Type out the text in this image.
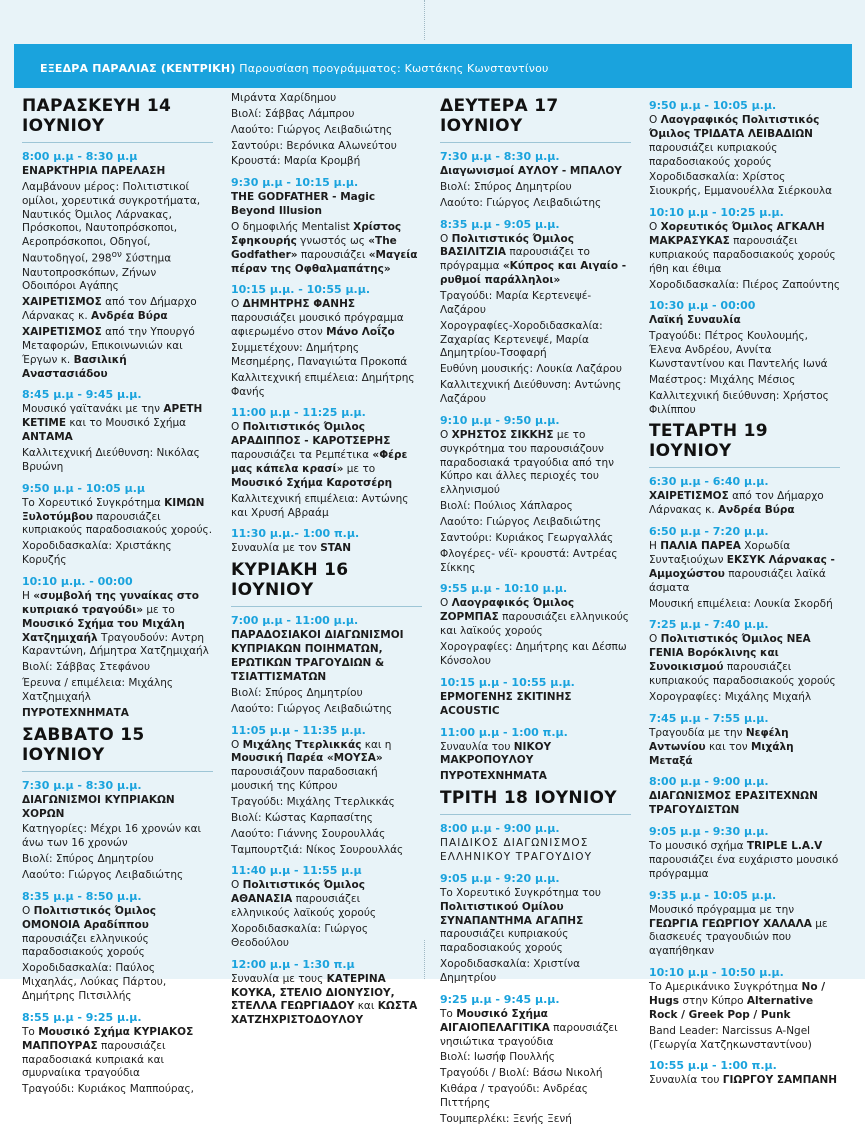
ΕΞΕΔΡΑ ΠΑΡΑΛΙΑΣ (ΚΕΝΤΡΙΚΗ) Παρουσίαση προγράμματος: Κωστάκης Κωνσταντίνου
ΠΑΡΑΣΚΕΥΗ 14 ΙΟΥΝΙΟΥ
8:00 μ.μ - 8:30 μ.μ
ΕΝΑΡΚΤΗΡΙΑ ΠΑΡΕΛΑΣΗ
Λαμβάνουν μέρος: Πολιτιστικοί ομίλοι, χορευτικά συγκροτήματα, Ναυτικός Όμιλος Λάρνακας, Πρόσκοποι, Ναυτοπρόσκοποι, Αεροπρόσκοποι, Οδηγοί, Ναυτοδηγοί, $298^{o\nu}$ Σύστημα Ναυτοπροσκόπων, Ζήνων Οδοιπόροι Αγάπης
ΧΑΙΡΕΤΙΣΜΟΣ από τον Δήμαρχο Λάρνακας κ. Ανδρέα Βύρα
ΧΑΙΡΕΤΙΣΜΟΣ από την Υπουργό Μεταφορών, Επικοινωνιών και Έργων κ. Βασιλική Αναστασιάδου
8:45 μ.μ - 9:45 μ.μ.
Μουσικό γαϊτανάκι με την ΑΡΕΤΗ ΚΕΤΙΜΕ και το Μουσικό Σχήμα ΑΝΤΑΜΑ
Καλλιτεχνική Διεύθυνση: Νικόλας Βρυώνη
9:50 μ.μ - 10:05 μ.μ
Το Χορευτικό Συγκρότημα ΚΙΜΩΝ Ξυλοτύμβου παρουσιάζει κυπριακούς παραδοσιακούς χορούς.
Χοροδιδασκαλία: Χριστάκης Κορυζής
10:10 μ.μ. - 00:00
Η «συμβολή της γυναίκας στο κυπριακό τραγούδι» με το Μουσικό Σχήμα του Μιχάλη Χατζημιχαήλ Τραγουδούν: Αντρη Καραντώνη, Δήμητρα Χατζημιχαήλ
Βιολί: Σάββας Στεφάνου
Έρευνα / επιμέλεια: Μιχάλης Χατζημιχαήλ
ΠΥΡΟΤΕΧΝΗΜΑΤΑ
ΣΑΒΒΑΤΟ 15 ΙΟΥΝΙΟΥ
7:30 μ.μ - 8:30 μ.μ.
ΔΙΑΓΩΝΙΣΜΟΙ ΚΥΠΡΙΑΚΩΝ ΧΟΡΩΝ
Κατηγορίες: Μέχρι 16 χρονών και άνω των 16 χρονών
Βιολί: Σπύρος Δημητρίου
Λαούτο: Γιώργος Λειβαδιώτης
8:35 μ.μ - 8:50 μ.μ.
Ο Πολιτιστικός Όμιλος ΟΜΟΝΟΙΑ Αραδίππου παρουσιάζει ελληνικούς παραδοσιακούς χορούς
Χοροδιδασκαλία: Παύλος Μιχαηλάς, Λούκας Πάρτου, Δημήτρης Πιτσιλλής
8:55 μ.μ - 9:25 μ.μ.
Το Μουσικό Σχήμα ΚΥΡΙΑΚΟΣ ΜΑΠΠΟΥΡΑΣ παρουσιάζει παραδοσιακά κυπριακά και σμυρναίικα τραγούδια
Τραγούδι: Κυριάκος Μαππούρας,
Μιράντα Χαρίδημου
Βιολί: Σάββας Λάμπρου
Λαούτο: Γιώργος Λειβαδιώτης
Σαντούρι: Βερόνικα Αλωνεύτου
Κρουστά: Μαρία Κρομβή
9:30 μ.μ - 10:15 μ.μ.
THE GODFATHER - Magic Beyond Illusion
Ο δημοφιλής Mentalist Χρίστος Σφηκουρής γνωστός ως «The Godfather» παρουσιάζει «Μαγεία πέραν της Οφθαλμαπάτης»
10:15 μ.μ. - 10:55 μ.μ.
Ο ΔΗΜΗΤΡΗΣ ΦΑΝΗΣ παρουσιάζει μουσικό πρόγραμμα αφιερωμένο στον Μάνο Λοΐζο
Συμμετέχουν: Δημήτρης Μεσημέρης, Παναγιώτα Προκοπά
Καλλιτεχνική επιμέλεια: Δημήτρης Φανής
11:00 μ.μ - 11:25 μ.μ.
Ο Πολιτιστικός Όμιλος ΑΡΑΔΙΠΠΟΣ - ΚΑΡΟΤΣΕΡΗΣ παρουσιάζει τα Ρεμπέτικα «Φέρε μας κάπελα κρασί» με το Μουσικό Σχήμα Καροτσέρη
Καλλιτεχνική επιμέλεια: Αντώνης και Χρυσή Αβραάμ
11:30 μ.μ.- 1:00 π.μ.
Συναυλία με τον STAN
ΚΥΡΙΑΚΗ 16 ΙΟΥΝΙΟΥ
7:00 μ.μ - 11:00 μ.μ.
ΠΑΡΑΔΟΣΙΑΚΟΙ ΔΙΑΓΩΝΙΣΜΟΙ ΚΥΠΡΙΑΚΩΝ ΠΟΙΗΜΑΤΩΝ, ΕΡΩΤΙΚΩΝ ΤΡΑΓΟΥΔΙΩΝ & ΤΣΙΑΤΤΙΣΜΑΤΩΝ
Βιολί: Σπύρος Δημητρίου
Λαούτο: Γιώργος Λειβαδιώτης
11:05 μ.μ - 11:35 μ.μ.
Ο Μιχάλης Ττερλικκάς και η Μουσική Παρέα «ΜΟΥΣΑ» παρουσιάζουν παραδοσιακή μουσική της Κύπρου
Τραγούδι: Μιχάλης Ττερλικκάς
Βιολί: Κώστας Καρπασίτης
Λαούτο: Γιάννης Σουρουλλάς
Ταμπουρτζιά: Νίκος Σουρουλλάς
11:40 μ.μ - 11:55 μ.μ
Ο Πολιτιστικός Όμιλος ΑΘΑΝΑΣΙΑ παρουσιάζει ελληνικούς λαϊκούς χορούς
Χοροδιδασκαλία: Γιώργος Θεοδούλου
12:00 μ.μ - 1:30 π.μ
Συναυλία με τους ΚΑΤΕΡΙΝΑ ΚΟΥΚΑ, ΣΤΕΛΙΟ ΔΙΟΝΥΣΙΟΥ, ΣΤΕΛΛΑ ΓΕΩΡΓΙΑΔΟΥ και ΚΩΣΤΑ ΧΑΤΖΗΧΡΙΣΤΟΔΟΥΛΟΥ
ΔΕΥΤΕΡΑ 17 ΙΟΥΝΙΟΥ
7:30 μ.μ - 8:30 μ.μ.
Διαγωνισμοί ΑΥΛΟΥ - ΜΠΑΛΟΥ
Βιολί: Σπύρος Δημητρίου
Λαούτο: Γιώργος Λειβαδιώτης
8:35 μ.μ - 9:05 μ.μ.
Ο Πολιτιστικός Όμιλος ΒΑΣΙΛΙΤΖΙΑ παρουσιάζει το πρόγραμμα «Κύπρος και Αιγαίο - ρυθμοί παράλληλοι»
Τραγούδι: Μαρία Κερτενεψέ-Λαζάρου
Χορογραφίες-Χοροδιδασκαλία: Ζαχαρίας Κερτενεψέ, Μαρία Δημητρίου-Τσοφαρή
Ευθύνη μουσικής: Λουκία Λαζάρου
Καλλιτεχνική Διεύθυνση: Αντώνης Λαζάρου
9:10 μ.μ - 9:50 μ.μ.
Ο ΧΡΗΣΤΟΣ ΣΙΚΚΗΣ με το συγκρότημα του παρουσιάζουν παραδοσιακά τραγούδια από την Κύπρο και άλλες περιοχές του ελληνισμού
Βιολί: Πούλιος Χάπλαρος
Λαούτο: Γιώργος Λειβαδιώτης
Σαντούρι: Κυριάκος Γεωργαλλάς
Φλογέρες- νέϊ- κρουστά: Αντρέας Σίκκης
9:55 μ.μ - 10:10 μ.μ.
Ο Λαογραφικός Όμιλος ΖΟΡΜΠΑΣ παρουσιάζει ελληνικούς και λαϊκούς χορούς
Χορογραφίες: Δημήτρης και Δέσπω Κόνσολου
10:15 μ.μ - 10:55 μ.μ.
ΕΡΜΟΓΕΝΗΣ ΣΚΙΤΙΝΗΣ ACOUSTIC
11:00 μ.μ - 1:00 π.μ.
Συναυλία του ΝΙΚΟΥ ΜΑΚΡΟΠΟΥΛΟΥ
ΠΥΡΟΤΕΧΝΗΜΑΤΑ
ΤΡΙΤΗ 18 ΙΟΥΝΙΟΥ
8:00 μ.μ - 9:00 μ.μ.
ΠΑΙΔΙΚΟΣ ΔΙΑΓΩΝΙΣΜΟΣ ΕΛΛΗΝΙΚΟΥ ΤΡΑΓΟΥΔΙΟΥ
9:05 μ.μ - 9:20 μ.μ.
Το Χορευτικό Συγκρότημα του Πολιτιστικού Ομίλου ΣΥΝΑΠΑΝΤΗΜΑ ΑΓΑΠΗΣ παρουσιάζει κυπριακούς παραδοσιακούς χορούς
Χοροδιδασκαλία: Χριστίνα Δημητρίου
9:25 μ.μ - 9:45 μ.μ.
Το Μουσικό Σχήμα ΑΙΓΑΙΟΠΕΛΑΓΙΤΙΚΑ παρουσιάζει νησιώτικα τραγούδια
Βιολί: Ιωσήφ Πουλλής
Τραγούδι / Βιολί: Βάσω Νικολή
Κιθάρα / τραγούδι: Ανδρέας Πιττήρης
Τουμπερλέκι: Ξενής Ξενή
9:50 μ.μ - 10:05 μ.μ.
Ο Λαογραφικός Πολιτιστικός Όμιλος ΤΡΙΔΑΤΑ ΛΕΙΒΑΔΙΩΝ παρουσιάζει κυπριακούς παραδοσιακούς χορούς
Χοροδιδασκαλία: Χρίστος Σιουκρής, Εμμανουέλλα Σιέρκουλα
10:10 μ.μ - 10:25 μ.μ.
Ο Χορευτικός Όμιλος ΑΓΚΑΛΗ ΜΑΚΡΑΣΥΚΑΣ παρουσιάζει κυπριακούς παραδοσιακούς χορούς ήθη και έθιμα
Χοροδιδασκαλία: Πιέρος Ζαπούντης
10:30 μ.μ - 00:00
Λαϊκή Συναυλία
Τραγούδι: Πέτρος Κουλουμής, Έλενα Ανδρέου, Αννίτα Κωνσταντίνου και Παντελής Ιωνά
Μαέστρος: Μιχάλης Μέσιος
Καλλιτεχνική διεύθυνση: Χρήστος Φιλίππου
ΤΕΤΑΡΤΗ 19 ΙΟΥΝΙΟΥ
6:30 μ.μ - 6:40 μ.μ.
ΧΑΙΡΕΤΙΣΜΟΣ από τον Δήμαρχο Λάρνακας κ. Ανδρέα Βύρα
6:50 μ.μ - 7:20 μ.μ.
Η ΠΑΛΙΑ ΠΑΡΕΑ Χορωδία Συνταξιούχων ΕΚΣΥΚ Λάρνακας - Αμμοχώστου παρουσιάζει λαϊκά άσματα
Μουσική επιμέλεια: Λουκία Σκορδή
7:25 μ.μ - 7:40 μ.μ.
Ο Πολιτιστικός Όμιλος ΝΕΑ ΓΕΝΙΑ Βορόκλινης και Συνοικισμού παρουσιάζει κυπριακούς παραδοσιακούς χορούς
Χορογραφίες: Μιχάλης Μιχαήλ
7:45 μ.μ - 7:55 μ.μ.
Τραγουδία με την Νεφέλη Αντωνίου και τον Μιχάλη Μεταξά
8:00 μ.μ - 9:00 μ.μ.
ΔΙΑΓΩΝΙΣΜΟΣ ΕΡΑΣΙΤΕΧΝΩΝ ΤΡΑΓΟΥΔΙΣΤΩΝ
9:05 μ.μ - 9:30 μ.μ.
Το μουσικό σχήμα TRIPLE L.A.V παρουσιάζει ένα ευχάριστο μουσικό πρόγραμμα
9:35 μ.μ - 10:05 μ.μ.
Μουσικό πρόγραμμα με την ΓΕΩΡΓΙΑ ΓΕΩΡΓΙΟΥ ΧΑΛΑΛΑ με διασκευές τραγουδιών που αγαπήθηκαν
10:10 μ.μ - 10:50 μ.μ.
Το Αμερικάνικο Συγκρότημα No / Hugs στην Κύπρο Alternative Rock / Greek Pop / Punk
Band Leader: Narcissus A-Ngel (Γεωργία Χατζηκωνσταντίνου)
10:55 μ.μ - 1:00 π.μ.
Συναυλία του ΓΙΩΡΓΟΥ ΣΑΜΠΑΝΗ
